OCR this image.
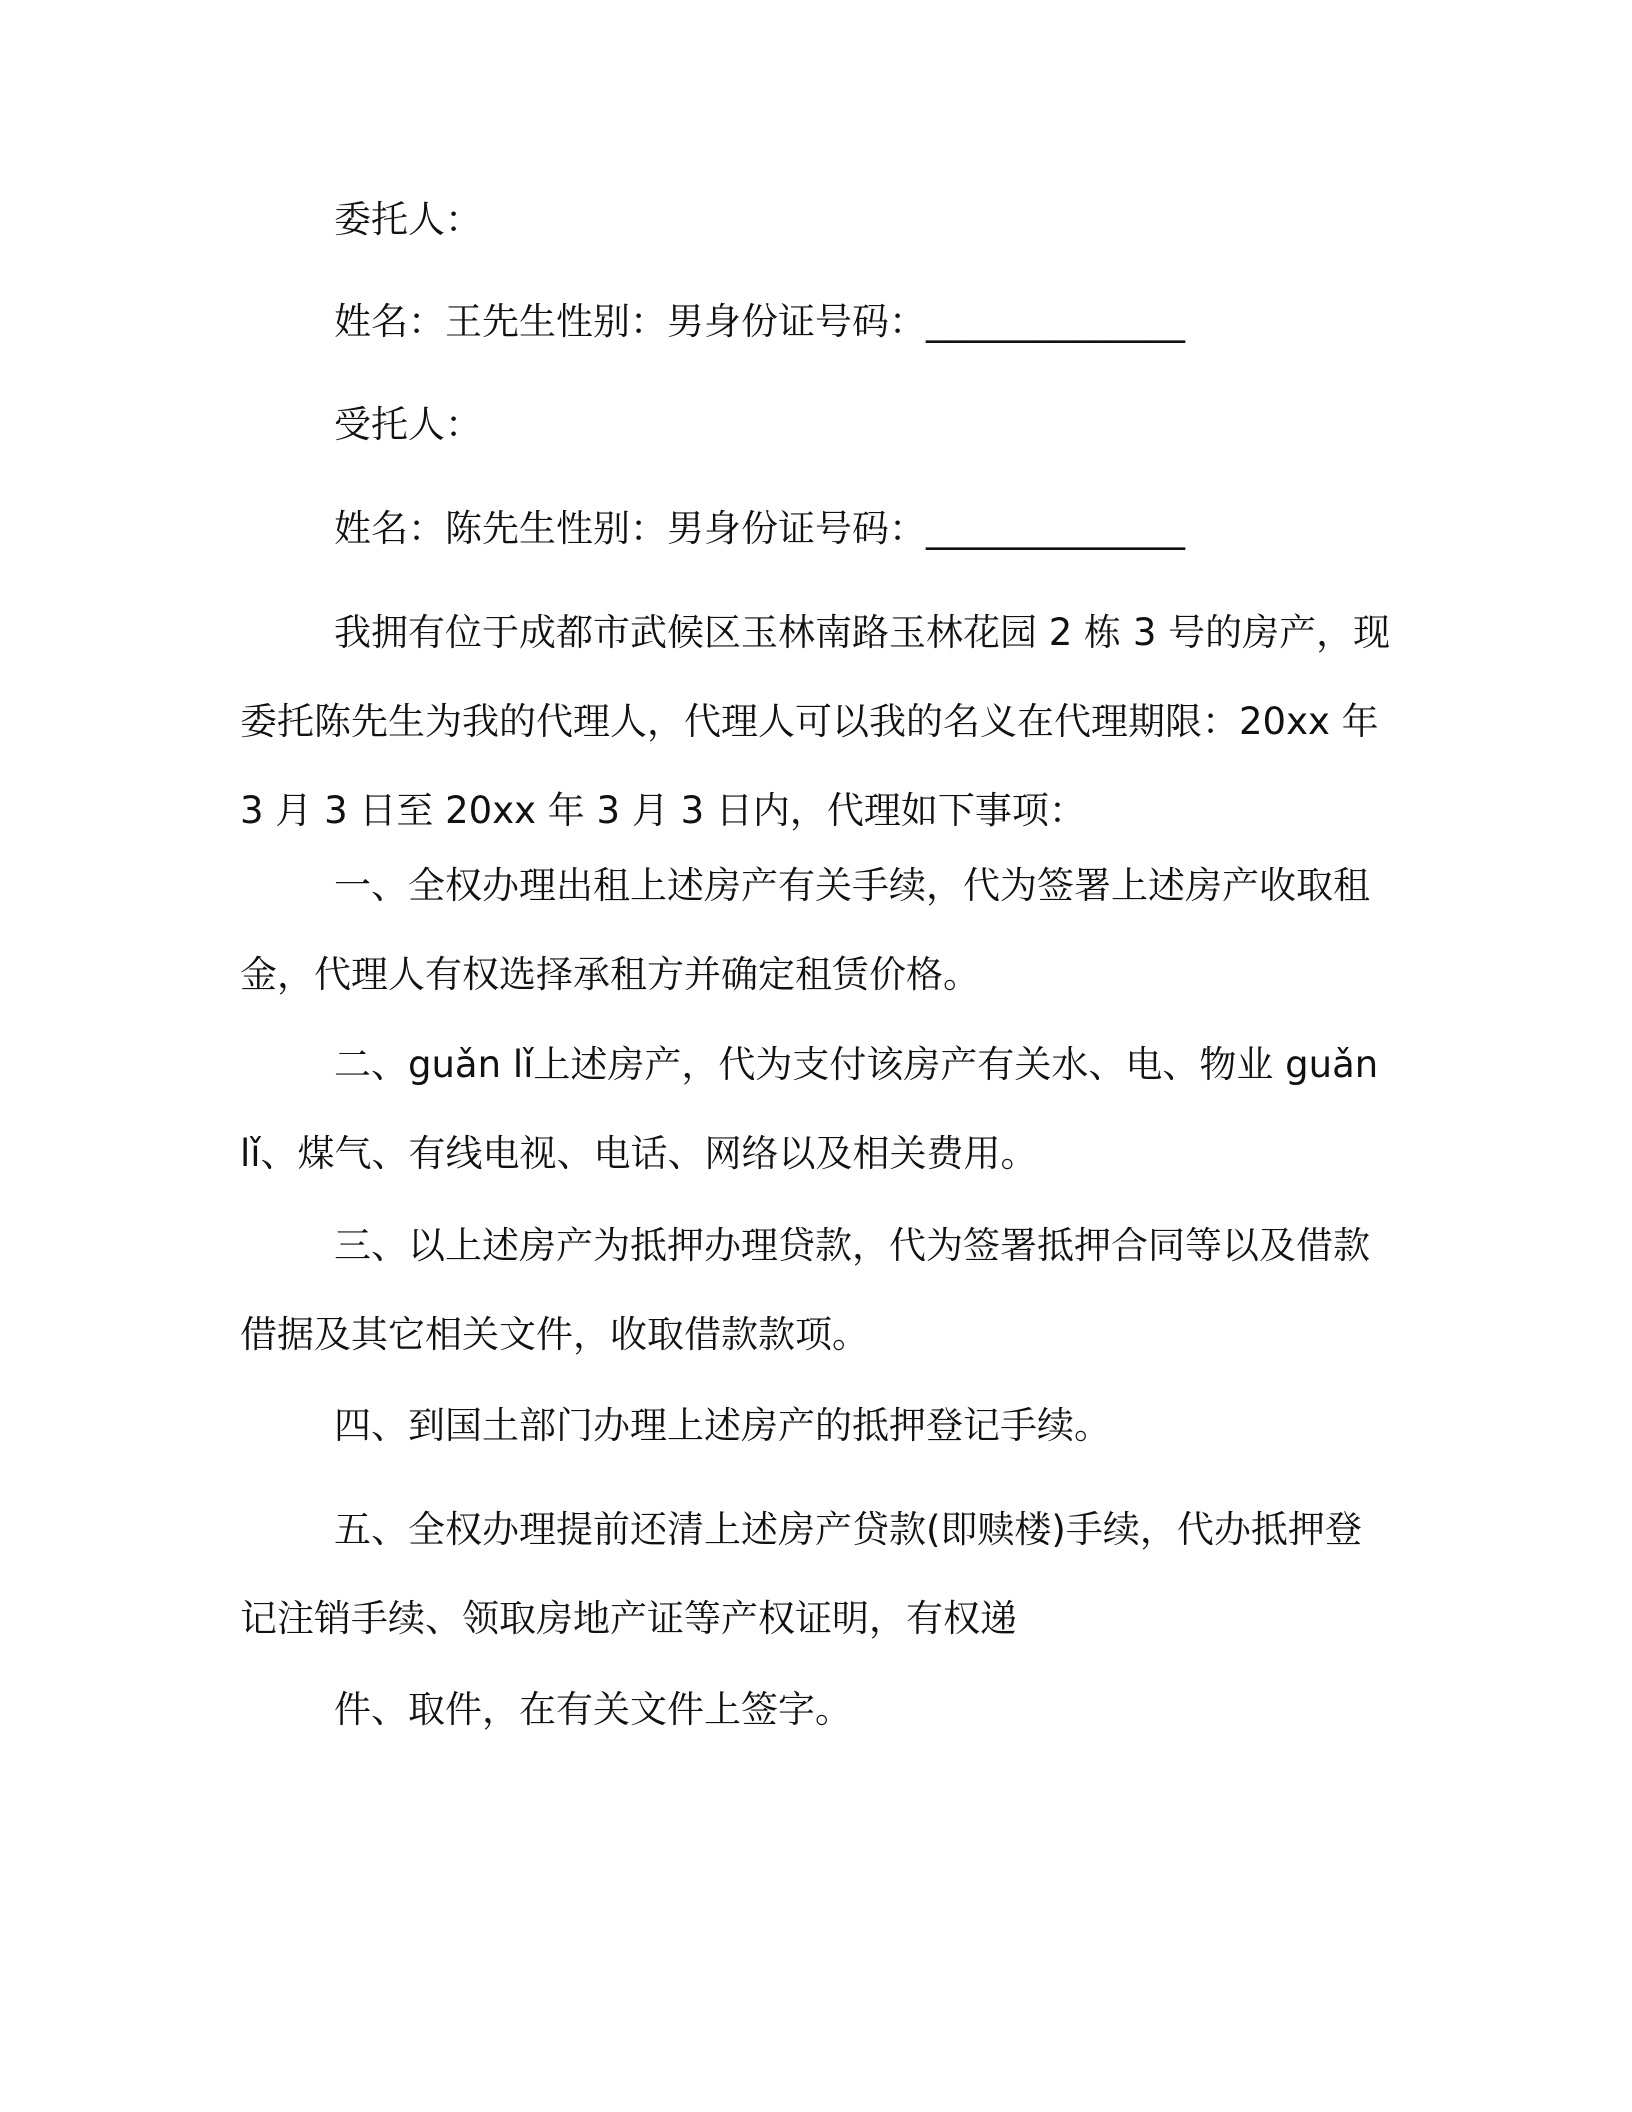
委托人：

姓名：王先生性别：男身份证号码：______________

受托人：

姓名：陈先生性别：男身份证号码：______________

我拥有位于成都市武候区玉林南路玉林花园 2 栋 3 号的房产，现
委托陈先生为我的代理人，代理人可以我的名义在代理期限：20xx 年
3 月 3 日至 20xx 年 3 月 3 日内，代理如下事项：

一、全权办理出租上述房产有关手续，代为签署上述房产收取租
金，代理人有权选择承租方并确定租赁价格。

二、guǎn lǐ上述房产，代为支付该房产有关水、电、物业 guǎn
lǐ、煤气、有线电视、电话、网络以及相关费用。

三、以上述房产为抵押办理贷款，代为签署抵押合同等以及借款
借据及其它相关文件，收取借款款项。

四、到国土部门办理上述房产的抵押登记手续。

五、全权办理提前还清上述房产贷款(即赎楼)手续，代办抵押登
记注销手续、领取房地产证等产权证明，有权递

件、取件，在有关文件上签字。
